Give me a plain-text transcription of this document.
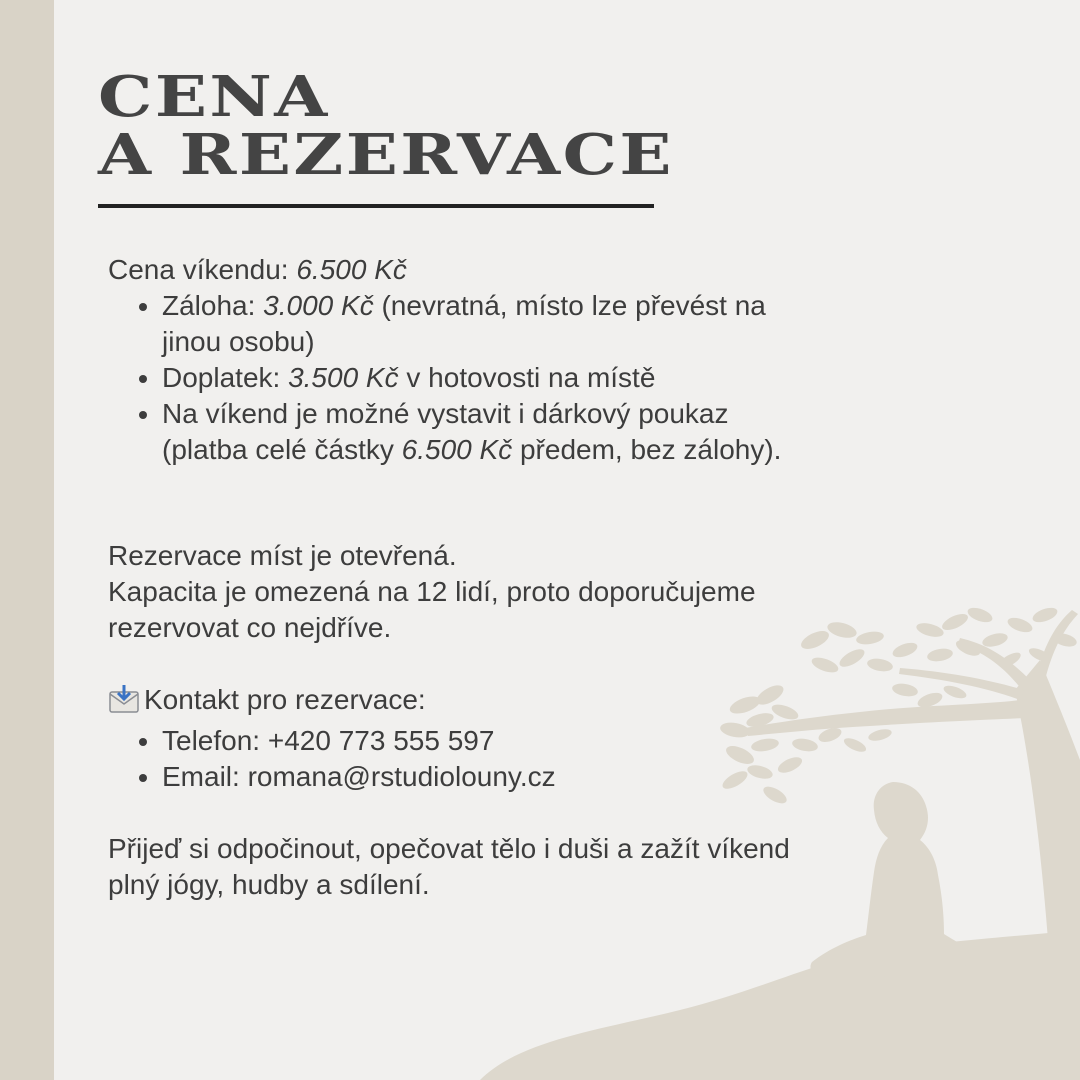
CENA
A REZERVACE

Cena víkendu: 6.500 Kč

• Záloha: 3.000 Kč (nevratná, místo lze převést na jinou osobu)
• Doplatek: 3.500 Kč v hotovosti na místě
• Na víkend je možné vystavit i dárkový poukaz (platba celé částky 6.500 Kč předem, bez zálohy).

Rezervace míst je otevřená.

Kapacita je omezená na 12 lidí, proto doporučujeme rezervovat co nejdříve.

Kontakt pro rezervace:

• Telefon: +420 773 555 597
• Email: romana@rstudiolouny.cz

Přijeď si odpočinout, opečovat tělo i duši a zažít víkend plný jógy, hudby a sdílení.
